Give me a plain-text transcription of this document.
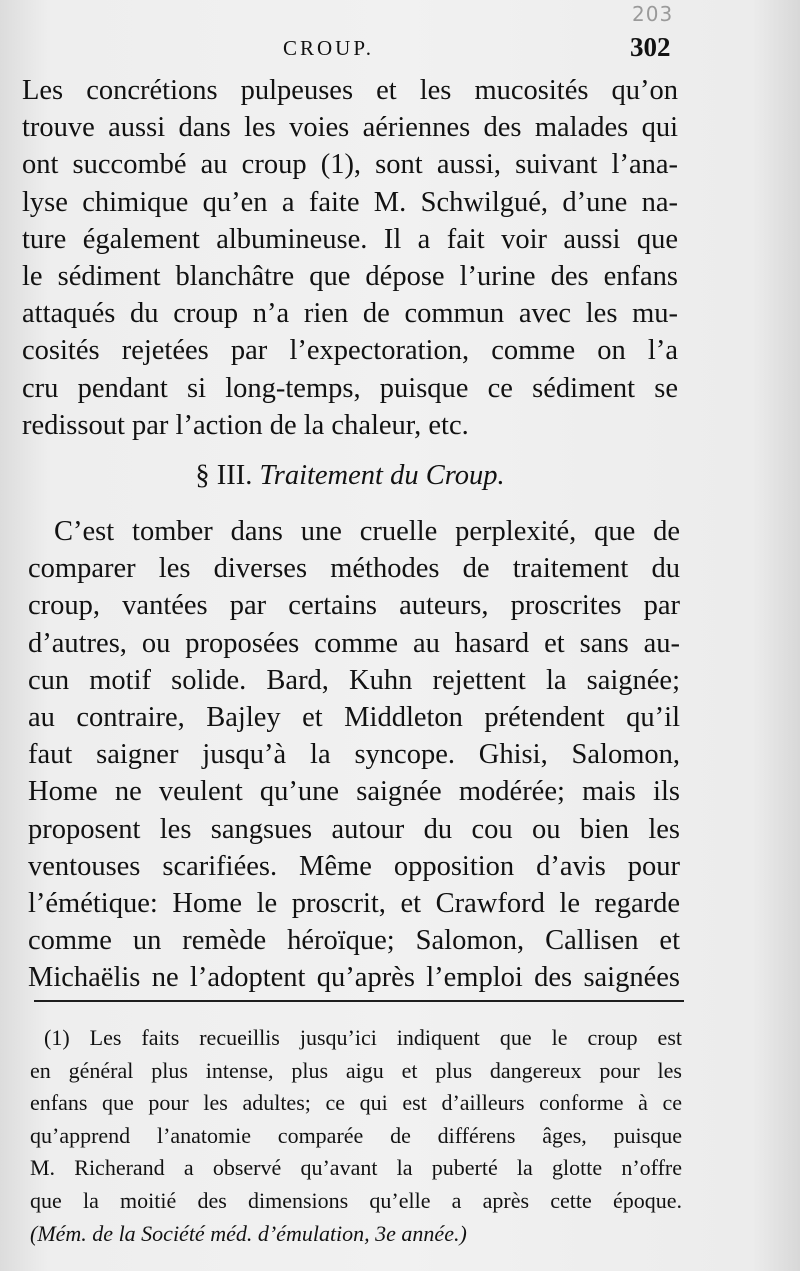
203
CROUP.	302
Les concrétions pulpeuses et les mucosités qu’on
trouve aussi dans les voies aériennes des malades qui
ont succombé au croup (1), sont aussi, suivant l’ana-
lyse chimique qu’en a faite M. Schwilgué, d’une na-
ture également albumineuse. Il a fait voir aussi que
le sédiment blanchâtre que dépose l’urine des enfans
attaqués du croup n’a rien de commun avec les mu-
cosités rejetées par l’expectoration, comme on l’a
cru pendant si long-temps, puisque ce sédiment se
redissout par l’action de la chaleur, etc.
§ III. Traitement du Croup.
C’est tomber dans une cruelle perplexité, que de
comparer les diverses méthodes de traitement du
croup, vantées par certains auteurs, proscrites par
d’autres, ou proposées comme au hasard et sans au-
cun motif solide. Bard, Kuhn rejettent la saignée;
au contraire, Bajley et Middleton prétendent qu’il
faut saigner jusqu’à la syncope. Ghisi, Salomon,
Home ne veulent qu’une saignée modérée; mais ils
proposent les sangsues autour du cou ou bien les
ventouses scarifiées. Même opposition d’avis pour
l’émétique: Home le proscrit, et Crawford le regarde
comme un remède héroïque; Salomon, Callisen et
Michaëlis ne l’adoptent qu’après l’emploi des saignées
(1) Les faits recueillis jusqu’ici indiquent que le croup est
en général plus intense, plus aigu et plus dangereux pour les
enfans que pour les adultes; ce qui est d’ailleurs conforme à ce
qu’apprend l’anatomie comparée de différens âges, puisque
M. Richerand a observé qu’avant la puberté la glotte n’offre
que la moitié des dimensions qu’elle a après cette époque.
(Mém. de la Société méd. d’émulation, 3e année.)
